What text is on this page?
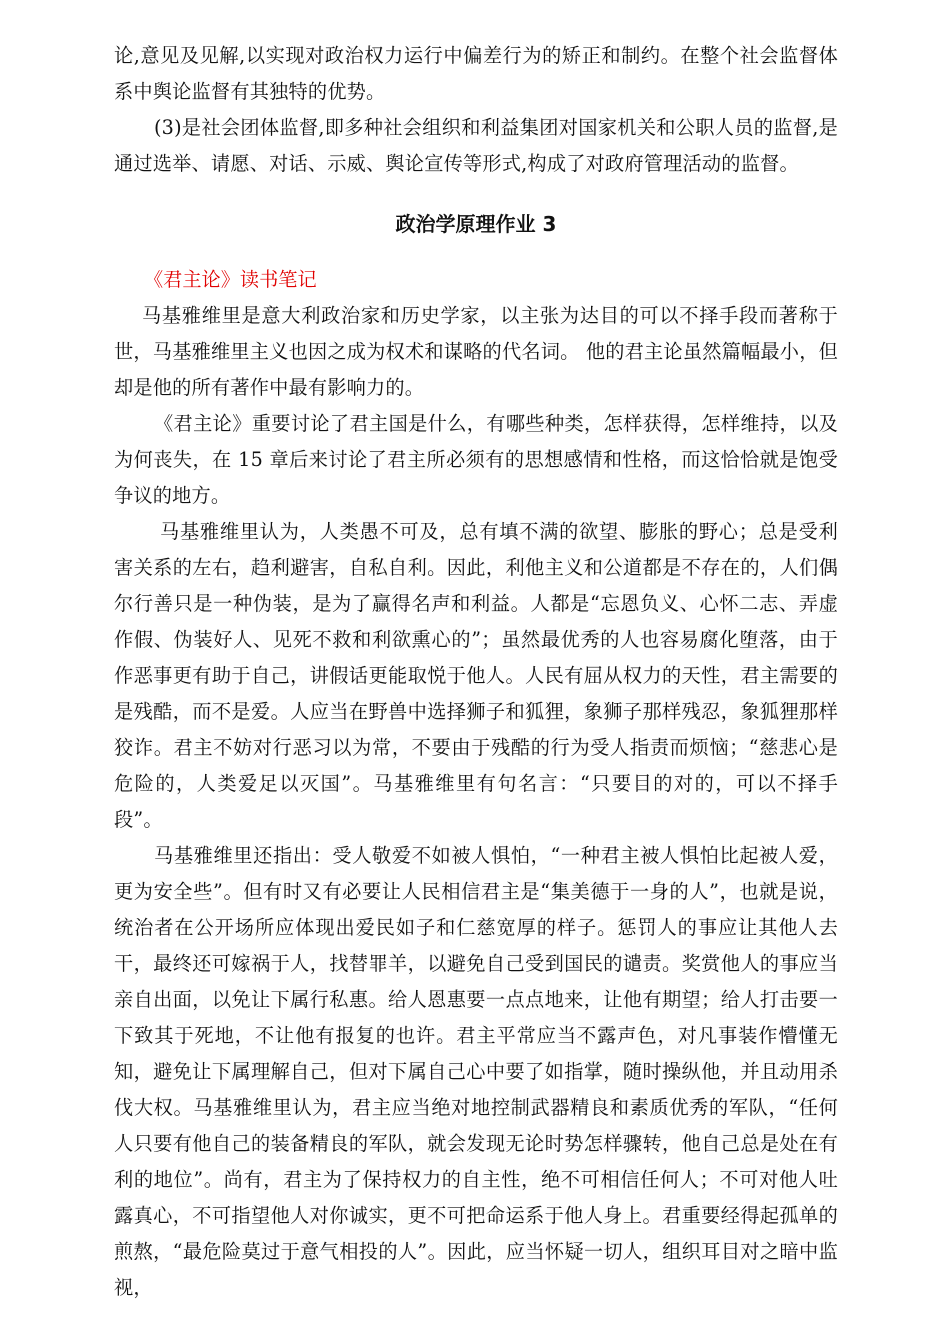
论,意见及见解,以实现对政治权力运行中偏差行为的矫正和制约。在整个社会监督体系中舆论监督有其独特的优势。

(3)是社会团体监督,即多种社会组织和利益集团对国家机关和公职人员的监督,是通过选举、请愿、对话、示威、舆论宣传等形式,构成了对政府管理活动的监督。

政治学原理作业 3

《君主论》读书笔记

马基雅维里是意大利政治家和历史学家，以主张为达目的可以不择手段而著称于世，马基雅维里主义也因之成为权术和谋略的代名词。 他的君主论虽然篇幅最小，但却是他的所有著作中最有影响力的。

《君主论》重要讨论了君主国是什么，有哪些种类，怎样获得，怎样维持，以及为何丧失，在 15 章后来讨论了君主所必须有的思想感情和性格，而这恰恰就是饱受争议的地方。

马基雅维里认为，人类愚不可及，总有填不满的欲望、膨胀的野心；总是受利害关系的左右，趋利避害，自私自利。因此，利他主义和公道都是不存在的，人们偶尔行善只是一种伪装，是为了赢得名声和利益。人都是“忘恩负义、心怀二志、弄虚作假、伪装好人、见死不救和利欲熏心的”；虽然最优秀的人也容易腐化堕落，由于作恶事更有助于自己，讲假话更能取悦于他人。人民有屈从权力的天性，君主需要的是残酷，而不是爱。人应当在野兽中选择狮子和狐狸，象狮子那样残忍，象狐狸那样狡诈。君主不妨对行恶习以为常，不要由于残酷的行为受人指责而烦恼；“慈悲心是危险的，人类爱足以灭国”。马基雅维里有句名言：“只要目的对的，可以不择手段”。

马基雅维里还指出：受人敬爱不如被人惧怕，“一种君主被人惧怕比起被人爱，更为安全些”。但有时又有必要让人民相信君主是“集美德于一身的人”，也就是说，统治者在公开场所应体现出爱民如子和仁慈宽厚的样子。惩罚人的事应让其他人去干，最终还可嫁祸于人，找替罪羊，以避免自己受到国民的谴责。奖赏他人的事应当亲自出面，以免让下属行私惠。给人恩惠要一点点地来，让他有期望；给人打击要一下致其于死地，不让他有报复的也许。君主平常应当不露声色，对凡事装作懵懂无知，避免让下属理解自己，但对下属自己心中要了如指掌，随时操纵他，并且动用杀伐大权。马基雅维里认为，君主应当绝对地控制武器精良和素质优秀的军队，“任何人只要有他自己的装备精良的军队，就会发现无论时势怎样骤转，他自己总是处在有利的地位”。尚有，君主为了保持权力的自主性，绝不可相信任何人；不可对他人吐露真心，不可指望他人对你诚实，更不可把命运系于他人身上。君重要经得起孤单的煎熬，“最危险莫过于意气相投的人”。因此，应当怀疑一切人，组织耳目对之暗中监视，
